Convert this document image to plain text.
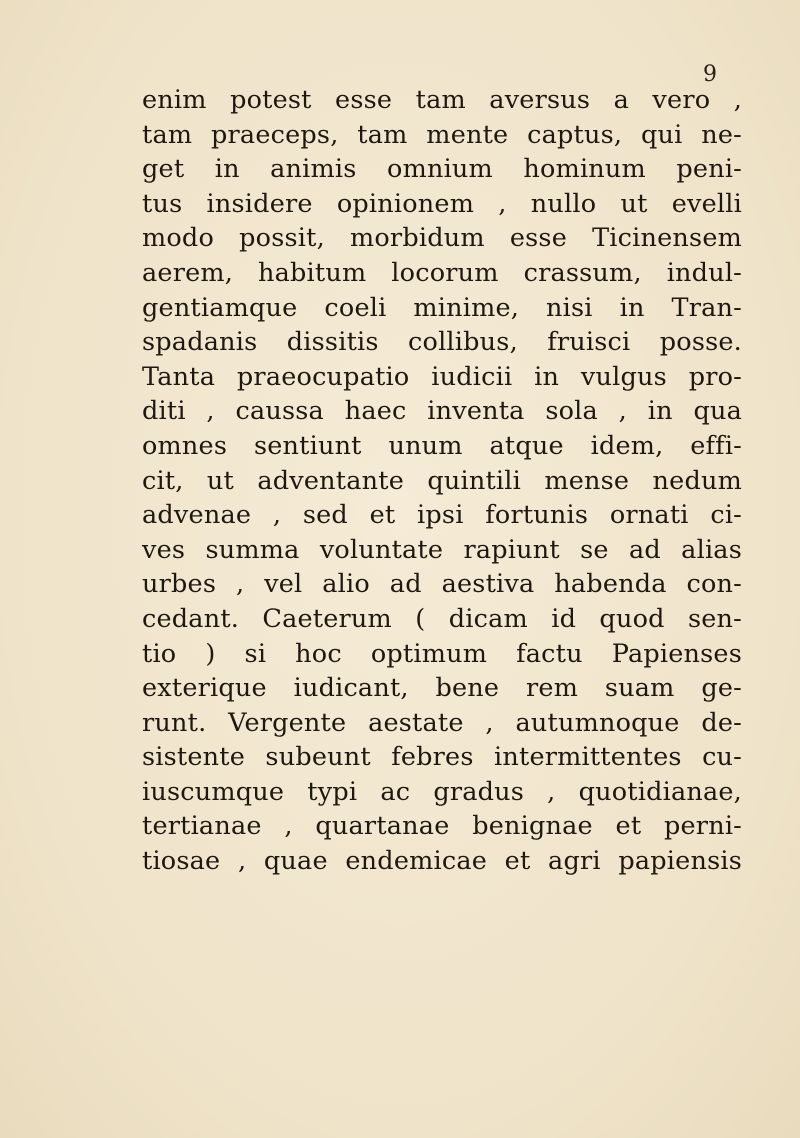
9

enim potest esse tam aversus a vero ,
tam praeceps, tam mente captus, qui ne-
get in animis omnium hominum peni-
tus insidere opinionem , nullo ut evelli
modo possit, morbidum esse Ticinensem
aerem, habitum locorum crassum, indul-
gentiamque coeli minime, nisi in Tran-
spadanis dissitis collibus, fruisci posse.
Tanta praeocupatio iudicii in vulgus pro-
diti , caussa haec inventa sola , in qua
omnes sentiunt unum atque idem, effi-
cit, ut adventante quintili mense nedum
advenae , sed et ipsi fortunis ornati ci-
ves summa voluntate rapiunt se ad alias
urbes , vel alio ad aestiva habenda con-
cedant. Caeterum ( dicam id quod sen-
tio ) si hoc optimum factu Papienses
exterique iudicant, bene rem suam ge-
runt. Vergente aestate , autumnoque de-
sistente subeunt febres intermittentes cu-
iuscumque typi ac gradus , quotidianae,
tertianae , quartanae benignae et perni-
tiosae , quae endemicae et agri papiensis
